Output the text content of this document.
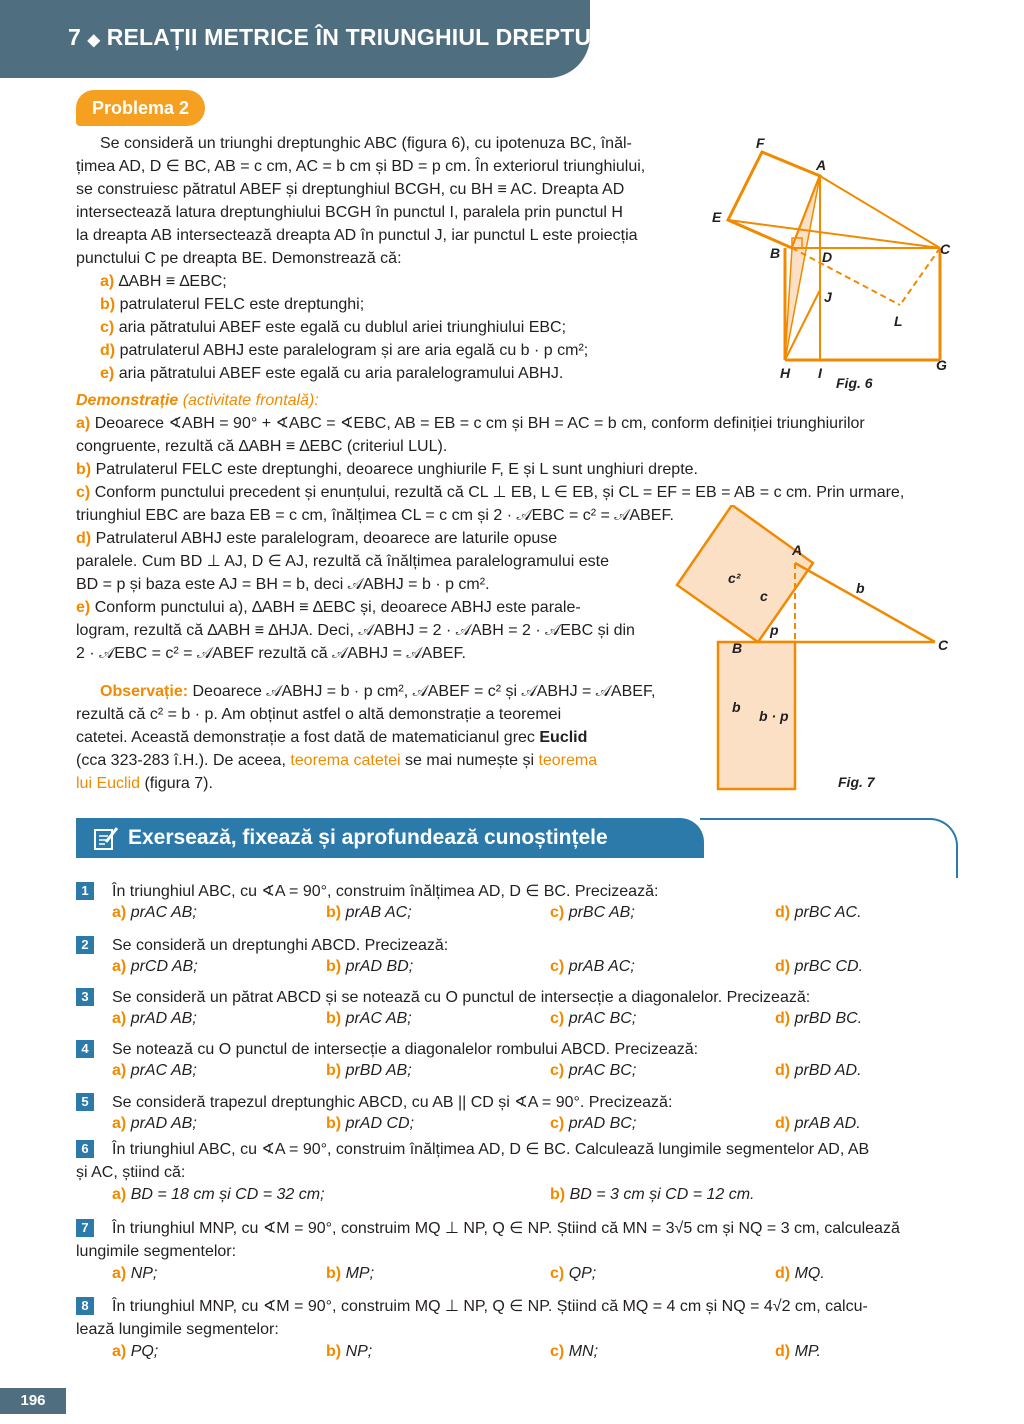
7 ◆ RELAȚII METRICE ÎN TRIUNGHIUL DREPTUNGHIC
Problema 2
Se consideră un triunghi dreptunghic ABC (figura 6), cu ipotenuza BC, înăl-
țimea AD, D ∈ BC, AB = c cm, AC = b cm și BD = p cm. În exteriorul triunghiului,
se construiesc pătratul ABEF și dreptunghiul BCGH, cu BH ≡ AC. Dreapta AD
intersectează latura dreptunghiului BCGH în punctul I, paralela prin punctul H
la dreapta AB intersectează dreapta AD în punctul J, iar punctul L este proiecția
punctului C pe dreapta BE. Demonstrează că:
a) ∆ABH ≡ ∆EBC;
b) patrulaterul FELC este dreptunghi;
c) aria pătratului ABEF este egală cu dublul ariei triunghiului EBC;
d) patrulaterul ABHJ este paralelogram și are aria egală cu b · p cm²;
e) aria pătratului ABEF este egală cu aria paralelogramului ABHJ.
Demonstrație (activitate frontală):
a) Deoarece ∢ABH = 90° + ∢ABC = ∢EBC, AB = EB = c cm și BH = AC = b cm, conform definiției triunghiurilor
congruente, rezultă că ∆ABH ≡ ∆EBC (criteriul LUL).
b) Patrulaterul FELC este dreptunghi, deoarece unghiurile F, E și L sunt unghiuri drepte.
c) Conform punctului precedent și enunțului, rezultă că CL ⊥ EB, L ∈ EB, și CL = EF = EB = AB = c cm. Prin urmare,
triunghiul EBC are baza EB = c cm, înălțimea CL = c cm și 2 · 𝒜EBC = c² = 𝒜ABEF.
d) Patrulaterul ABHJ este paralelogram, deoarece are laturile opuse
paralele. Cum BD ⊥ AJ, D ∈ AJ, rezultă că înălțimea paralelogramului este
BD = p și baza este AJ = BH = b, deci 𝒜ABHJ = b · p cm².
e) Conform punctului a), ∆ABH ≡ ∆EBC și, deoarece ABHJ este parale-
logram, rezultă că ∆ABH ≡ ∆HJA. Deci, 𝒜ABHJ = 2 · 𝒜ABH = 2 · 𝒜EBC și din
2 · 𝒜EBC = c² = 𝒜ABEF rezultă că 𝒜ABHJ = 𝒜ABEF.
Observație: Deoarece 𝒜ABHJ = b · p cm², 𝒜ABEF = c² și 𝒜ABHJ = 𝒜ABEF,
rezultă că c² = b · p. Am obținut astfel o altă demonstrație a teoremei
catetei. Această demonstrație a fost dată de matematicianul grec Euclid
(cca 323-283 î.H.). De aceea, teorema catetei se mai numește și teorema
lui Euclid (figura 7).
F
A
E
B	D	C
J
L
H I	G
Fig. 6
A
B	C
c²
c	b
p
b
b · p
Fig. 7
Exersează, fixează și aprofundează cunoștințele
1	În triunghiul ABC, cu ∢A = 90°, construim înălțimea AD, D ∈ BC. Precizează:
a) prAC AB;	b) prAB AC;	c) prBC AB;	d) prBC AC.
2	Se consideră un dreptunghi ABCD. Precizează:
a) prCD AB;	b) prAD BD;	c) prAB AC;	d) prBC CD.
3	Se consideră un pătrat ABCD și se notează cu O punctul de intersecție a diagonalelor. Precizează:
a) prAD AB;	b) prAC AB;	c) prAC BC;	d) prBD BC.
4	Se notează cu O punctul de intersecție a diagonalelor rombului ABCD. Precizează:
a) prAC AB;	b) prBD AB;	c) prAC BC;	d) prBD AD.
5	Se consideră trapezul dreptunghic ABCD, cu AB || CD și ∢A = 90°. Precizează:
a) prAD AB;	b) prAD CD;	c) prAD BC;	d) prAB AD.
6	În triunghiul ABC, cu ∢A = 90°, construim înălțimea AD, D ∈ BC. Calculează lungimile segmentelor AD, AB
și AC, știind că:
a) BD = 18 cm și CD = 32 cm;	b) BD = 3 cm și CD = 12 cm.
7	În triunghiul MNP, cu ∢M = 90°, construim MQ ⊥ NP, Q ∈ NP. Știind că MN = 3√5 cm și NQ = 3 cm, calculează
lungimile segmentelor:
a) NP;	b) MP;	c) QP;	d) MQ.
8	În triunghiul MNP, cu ∢M = 90°, construim MQ ⊥ NP, Q ∈ NP. Știind că MQ = 4 cm și NQ = 4√2 cm, calcu-
lează lungimile segmentelor:
a) PQ;	b) NP;	c) MN;	d) MP.
196
